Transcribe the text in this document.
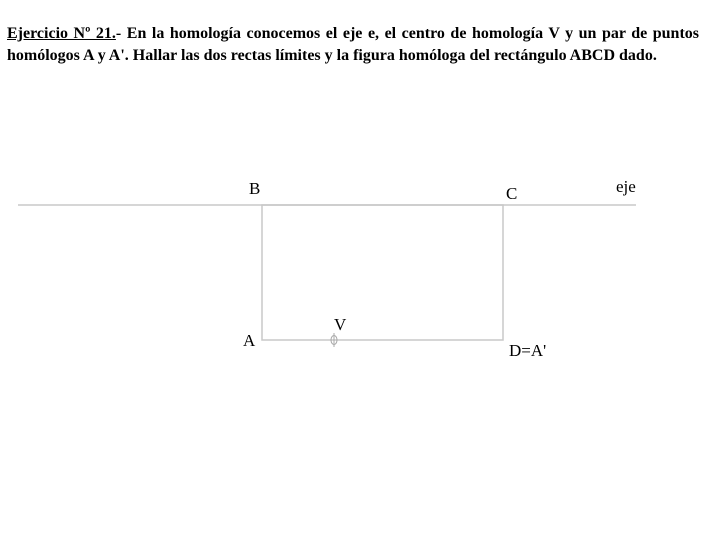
Ejercicio Nº 21.- En la homología conocemos el eje e, el centro de homología V y un par de puntos homólogos A y A'. Hallar las dos rectas límites y la figura homóloga del rectángulo ABCD dado.

eje
B	C
A
V
D=A'
